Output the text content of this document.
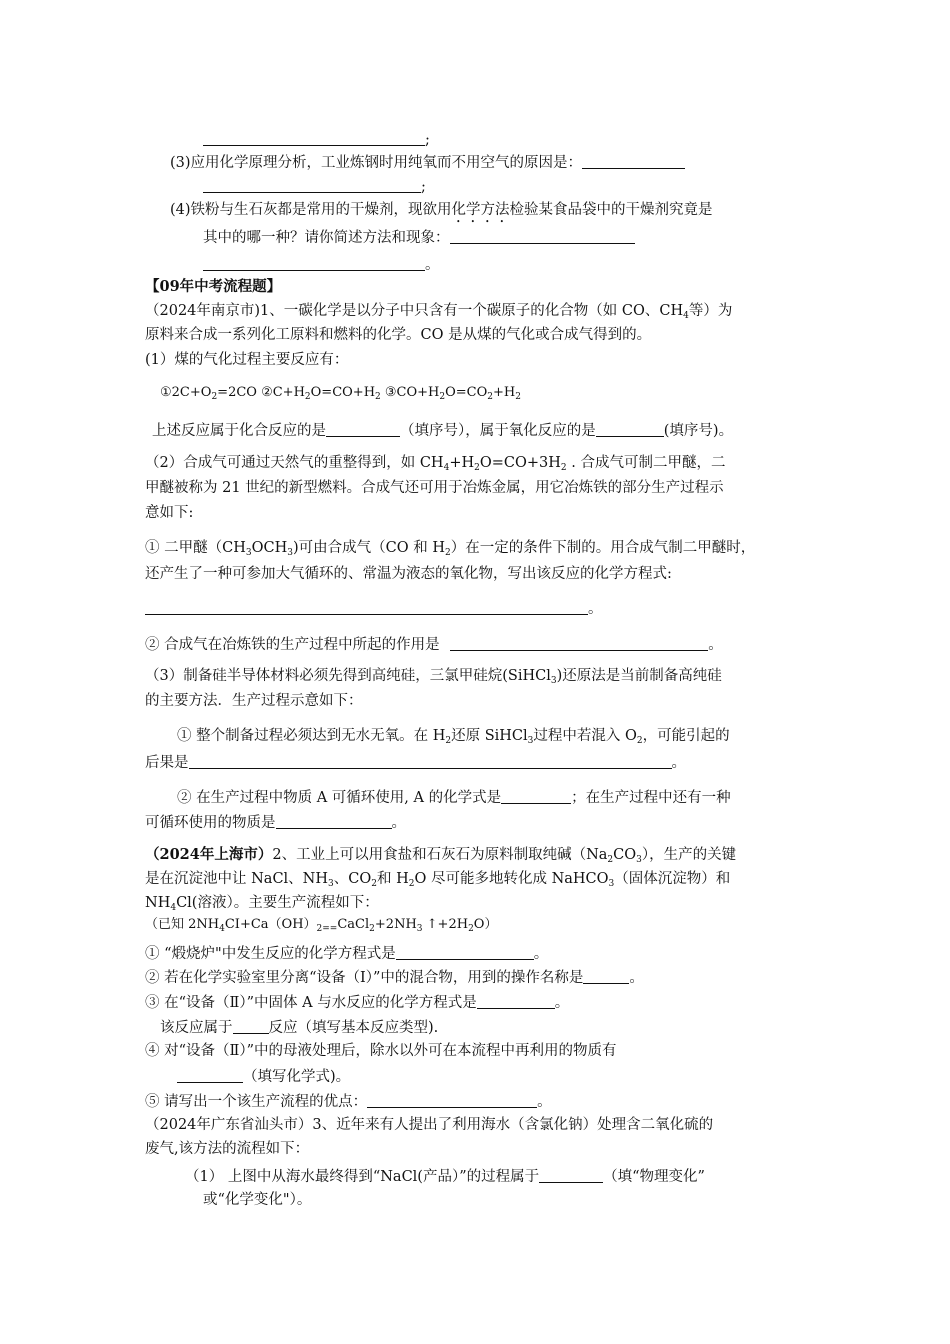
;
(3)应用化学原理分析，工业炼钢时用纯氧而不用空气的原因是：
;
(4)铁粉与生石灰都是常用的干燥剂，现欲用化学方法检验某食品袋中的干燥剂究竟是
其中的哪一种？请你简述方法和现象：
。
【09年中考流程题】
（2024年南京市)1、一碳化学是以分子中只含有一个碳原子的化合物（如 CO、$CH_4$等）为
原料来合成一系列化工原料和燃料的化学。CO 是从煤的气化或合成气得到的。
(1）煤的气化过程主要反应有：
$①2C+O_2=2CO$ $②C+H_2O=CO+H_2$ $③CO+H_2O=CO_2+H_2$
上述反应属于化合反应的是	（填序号），属于氧化反应的是	(填序号)。
（2）合成气可通过天然气的重整得到，如 $CH_4+H_2O=CO+3H_2$ . 合成气可制二甲醚，二
甲醚被称为 21 世纪的新型燃料。合成气还可用于冶炼金属，用它冶炼铁的部分生产过程示
意如下:
① 二甲醚$(CH_3OCH_3)$可由合成气（CO 和 $H_2$）在一定的条件下制的。用合成气制二甲醚时，
还产生了一种可参加大气循环的、常温为液态的氧化物，写出该反应的化学方程式:
。
② 合成气在冶炼铁的生产过程中所起的作用是	。
（3）制备硅半导体材料必须先得到高纯硅，三氯甲硅烷(SiHCl$_3$)还原法是当前制备高纯硅
的主要方法．生产过程示意如下：
① 整个制备过程必须达到无水无氧。在 $H_2$还原 SiHCl$_3$过程中若混入 $O_2$，可能引起的
后果是	。
② 在生产过程中物质 A 可循环使用, A 的化学式是	；在生产过程中还有一种
可循环使用的物质是	。
（2024年上海市）2、工业上可以用食盐和石灰石为原料制取纯碱$(Na_2CO_3)$，生产的关键
是在沉淀池中让 NaCl、$NH_3$、$CO_2$和 $H_2O$ 尽可能多地转化成 NaHCO$_3$（固体沉淀物）和
$NH_4Cl$(溶液）。主要生产流程如下：
（已知 $2NH_4CI+Ca(OH)_{2==}CaCl_2+2NH_3$ $↑+2H_2O$）
① “煅烧炉"中发生反应的化学方程式是	。
② 若在化学实验室里分离“设备（I）”中的混合物，用到的操作名称是	。
③ 在“设备（Ⅱ）”中固体 A 与水反应的化学方程式是	。
该反应属于 反应（填写基本反应类型).
④ 对“设备（Ⅱ）”中的母液处理后，除水以外可在本流程中再利用的物质有
（填写化学式)。
⑤ 请写出一个该生产流程的优点：	。
（2024年广东省汕头市）3、近年来有人提出了利用海水（含氯化钠）处理含二氧化硫的
废气,该方法的流程如下：
（1） 上图中从海水最终得到“NaCl(产品）”的过程属于	（填“物理变化”
或“化学变化"）。
